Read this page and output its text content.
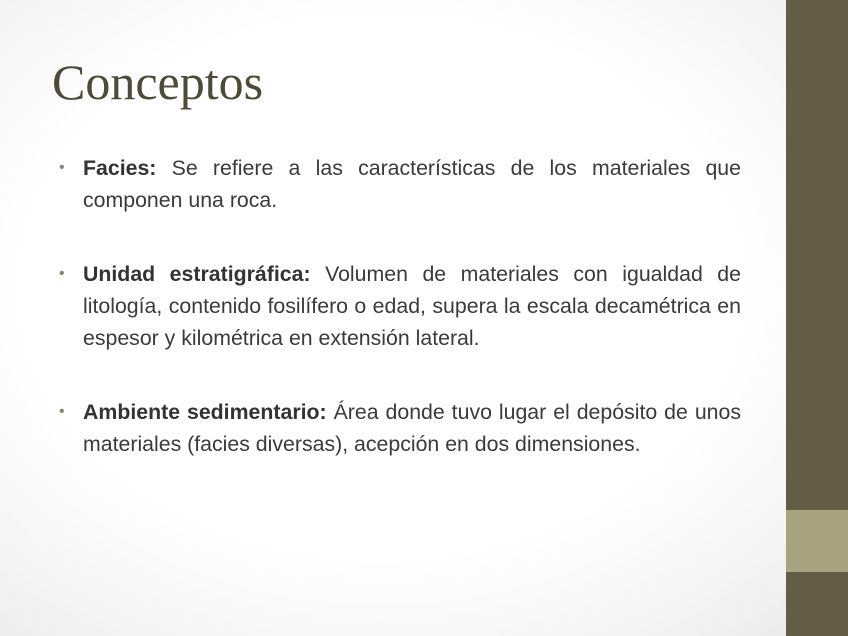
Conceptos
• Facies: Se refiere a las características de los materiales que componen una roca.
• Unidad estratigráfica: Volumen de materiales con igualdad de litología, contenido fosilífero o edad, supera la escala decamétrica en espesor y kilométrica en extensión lateral.
• Ambiente sedimentario: Área donde tuvo lugar el depósito de unos materiales (facies diversas), acepción en dos dimensiones.
